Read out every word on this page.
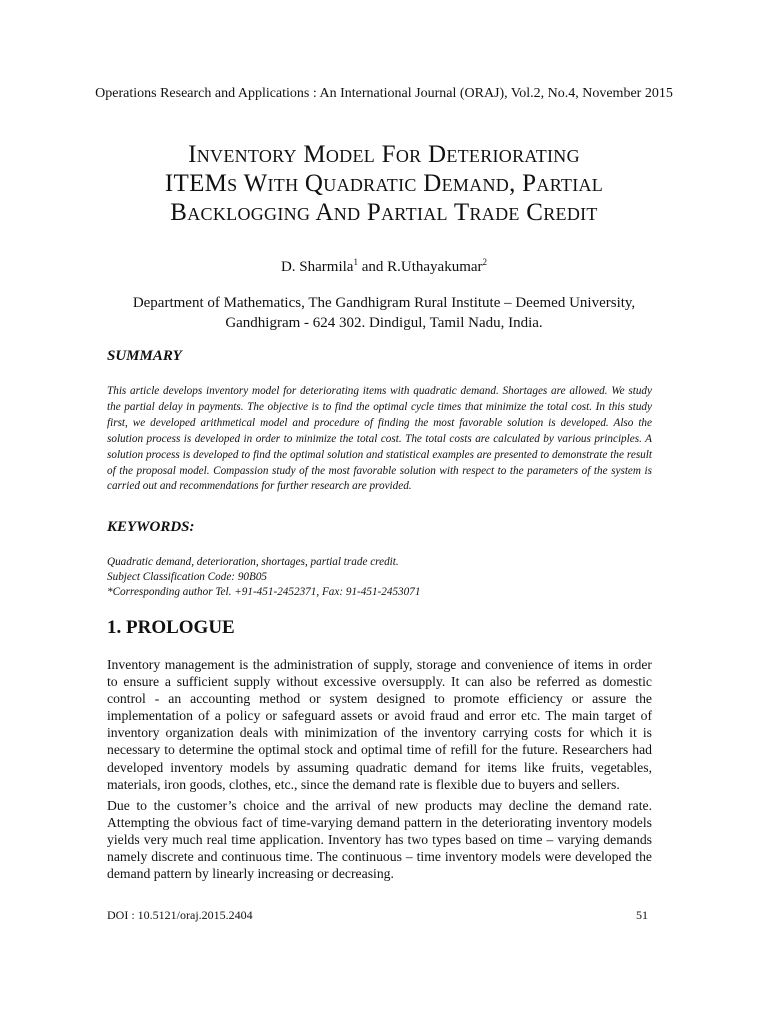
Operations Research and Applications : An International Journal (ORAJ), Vol.2, No.4, November 2015
Inventory Model For Deteriorating
ITEMs With Quadratic Demand, Partial
Backlogging And Partial Trade Credit
D. Sharmila$^1$ and R.Uthayakumar$^2$
Department of Mathematics, The Gandhigram Rural Institute – Deemed University,
Gandhigram - 624 302. Dindigul, Tamil Nadu, India.
SUMMARY
This article develops inventory model for deteriorating items with quadratic demand. Shortages are allowed. We study the partial delay in payments. The objective is to find the optimal cycle times that minimize the total cost. In this study first, we developed arithmetical model and procedure of finding the most favorable solution is developed. Also the solution process is developed in order to minimize the total cost. The total costs are calculated by various principles. A solution process is developed to find the optimal solution and statistical examples are presented to demonstrate the result of the proposal model. Compassion study of the most favorable solution with respect to the parameters of the system is carried out and recommendations for further research are provided.
KEYWORDS:
Quadratic demand, deterioration, shortages, partial trade credit.
Subject Classification Code: 90B05
*Corresponding author Tel. +91-451-2452371, Fax: 91-451-2453071
1. PROLOGUE
Inventory management is the administration of supply, storage and convenience of items in order to ensure a sufficient supply without excessive oversupply. It can also be referred as domestic control - an accounting method or system designed to promote efficiency or assure the implementation of a policy or safeguard assets or avoid fraud and error etc. The main target of inventory organization deals with minimization of the inventory carrying costs for which it is necessary to determine the optimal stock and optimal time of refill for the future. Researchers had developed inventory models by assuming quadratic demand for items like fruits, vegetables, materials, iron goods, clothes, etc., since the demand rate is flexible due to buyers and sellers.
Due to the customer’s choice and the arrival of new products may decline the demand rate. Attempting the obvious fact of time-varying demand pattern in the deteriorating inventory models yields very much real time application. Inventory has two types based on time – varying demands namely discrete and continuous time. The continuous – time inventory models were developed the demand pattern by linearly increasing or decreasing.
DOI : 10.5121/oraj.2015.2404	51
